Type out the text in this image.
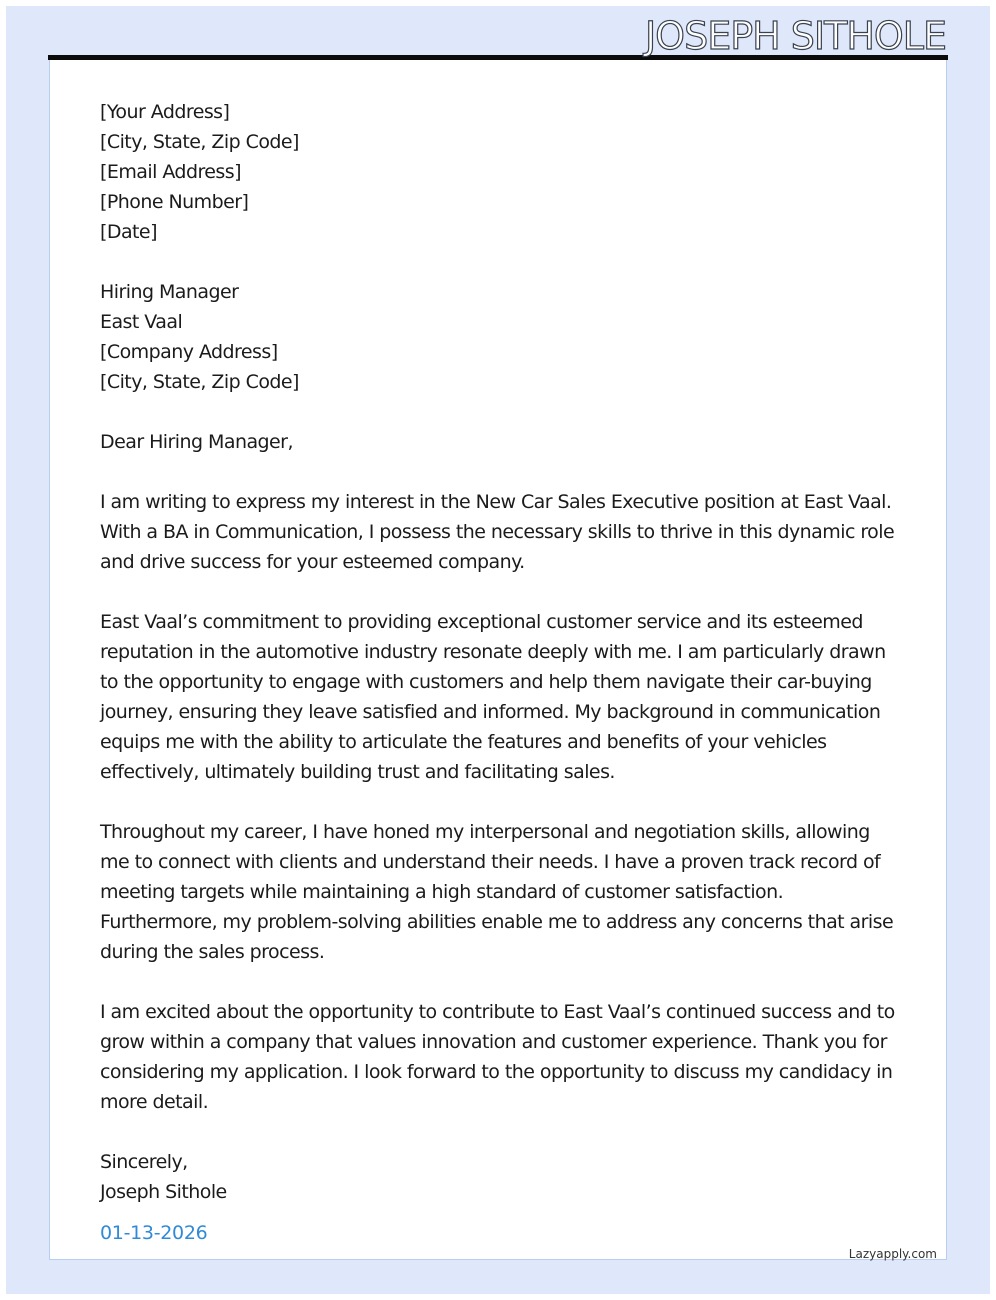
JOSEPH SITHOLE
[Your Address]
[City, State, Zip Code]
[Email Address]
[Phone Number]
[Date]
Hiring Manager
East Vaal
[Company Address]
[City, State, Zip Code]

Dear Hiring Manager,

I am writing to express my interest in the New Car Sales Executive position at East Vaal. With a BA in Communication, I possess the necessary skills to thrive in this dynamic role and drive success for your esteemed company.

East Vaal’s commitment to providing exceptional customer service and its esteemed reputation in the automotive industry resonate deeply with me. I am particularly drawn to the opportunity to engage with customers and help them navigate their car-buying journey, ensuring they leave satisfied and informed. My background in communication equips me with the ability to articulate the features and benefits of your vehicles effectively, ultimately building trust and facilitating sales.

Throughout my career, I have honed my interpersonal and negotiation skills, allowing me to connect with clients and understand their needs. I have a proven track record of meeting targets while maintaining a high standard of customer satisfaction. Furthermore, my problem-solving abilities enable me to address any concerns that arise during the sales process.

I am excited about the opportunity to contribute to East Vaal’s continued success and to grow within a company that values innovation and customer experience. Thank you for considering my application. I look forward to the opportunity to discuss my candidacy in more detail.

Sincerely,
Joseph Sithole
01-13-2026
Lazyapply.com
